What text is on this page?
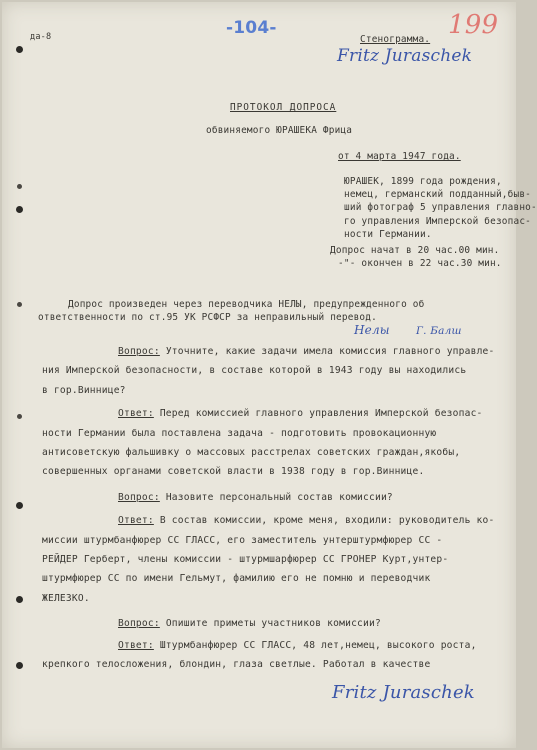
да-8	-104-	199
Стенограмма.
Fritz Juraschek
ПРОТОКОЛ ДОПРОСА
обвиняемого ЮРАШЕКА Фрица
от 4 марта 1947 года.
ЮРАШЕК, 1899 года рождения,
немец, германский подданный,быв-
ший фотограф 5 управления главно-
го управления Имперской безопас-
ности Германии.
Допрос начат в 20 час.00 мин.
-"- окончен в 22 час.30 мин.
Допрос произведен через переводчика НЕЛЫ, предупрежденного об
ответственности по ст.95 УК РСФСР за неправильный перевод.
Нелы Г. Балш
Вопрос: Уточните, какие задачи имела комиссия главного управле-
ния Имперской безопасности, в составе которой в 1943 году вы находились
в гор.Виннице?
Ответ: Перед комиссией главного управления Имперской безопас-
ности Германии была поставлена задача - подготовить провокационную
антисоветскую фальшивку о массовых расстрелах советских граждан,якобы,
совершенных органами советской власти в 1938 году в гор.Виннице.
Вопрос: Назовите персональный состав комиссии?
Ответ: В состав комиссии, кроме меня, входили: руководитель ко-
миссии штурмбанфюрер СС ГЛАСС, его заместитель унтерштурмфюрер СС -
РЕЙДЕР Герберт, члены комиссии - штурмшарфюрер СС ГРОНЕР Курт,унтер-
штурмфюрер СС по имени Гельмут, фамилию его не помню и переводчик
ЖЕЛЕЗКО.
Вопрос: Опишите приметы участников комиссии?
Ответ: Штурмбанфюрер СС ГЛАСС, 48 лет,немец, высокого роста,
крепкого телосложения, блондин, глаза светлые. Работал в качестве
Fritz Juraschek
